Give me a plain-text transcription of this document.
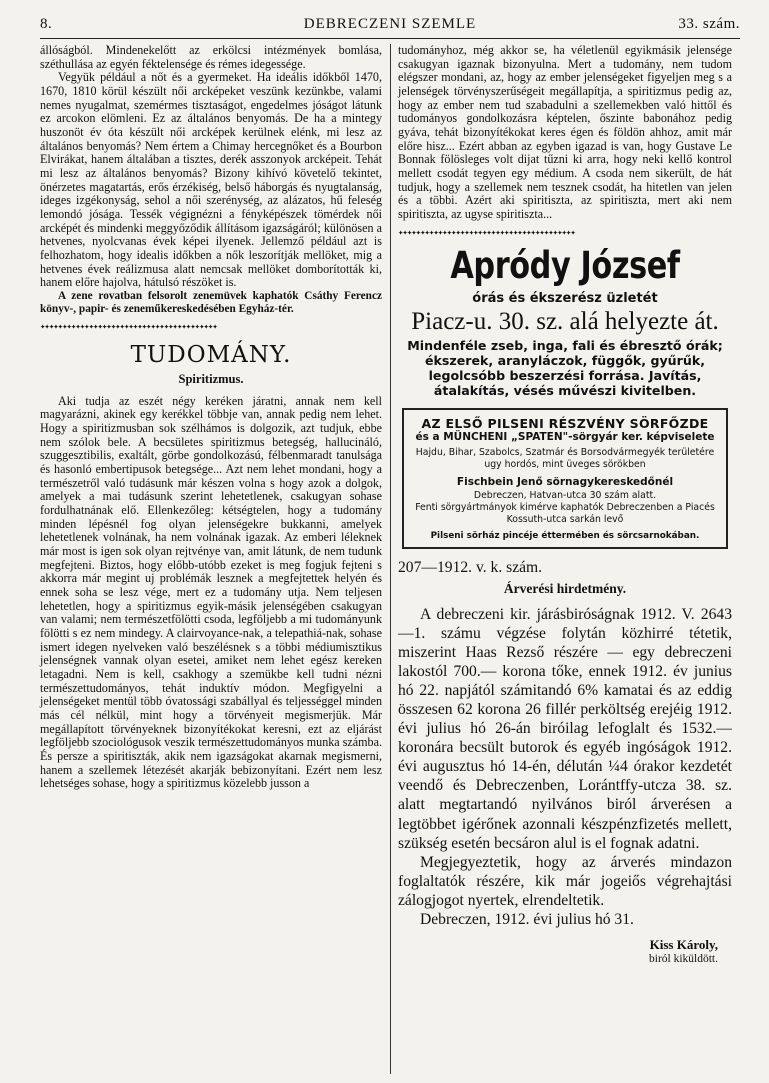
8.	DEBRECZENI SZEMLE	33. szám.

állóságból. Mindenekelőtt az erkölcsi intézmények bomlása, széthullása az egyén féktelensége és rémes idegessége.

Vegyük például a nőt és a gyermeket. Ha ideális időkből 1470, 1670, 1810 körül készült női arcképeket veszünk kezünkbe, valami nemes nyugalmat, szemérmes tisztaságot, engedelmes jóságot látunk ez arcokon elömleni. Ez az általános benyomás. De ha a mintegy huszonöt év óta készült női arcképek kerülnek elénk, mi lesz az általános benyomás? Nem értem a Chimay hercegnőket és a Bourbon Elvirákat, hanem általában a tisztes, derék asszonyok arcképeit. Tehát mi lesz az általános benyomás? Bizony kihívó követelő tekintet, önérzetes magatartás, erős érzékiség, belső háborgás és nyugtalanság, ideges izgékonyság, sehol a női szerénység, az alázatos, hű feleség lemondó jósága. Tessék végignézni a fényképészek tömérdek női arcképét és mindenki meggyőződik állításom igazságáról; különösen a hetvenes, nyolcvanas évek képei ilyenek. Jellemző például azt is felhozhatom, hogy idealis időkben a nők leszorítják mellöket, mig a hetvenes évek reálizmusa alatt nemcsak mellöket domborították ki, hanem előre hajolva, hátulsó részöket is.

A zene rovatban felsorolt zenemüvek kaphatók Csáthy Ferencz könyv-, papir- és zeneműkereskedésében Egyház-tér.

✦✦✦✦✦✦✦✦✦✦✦✦✦✦✦✦✦✦✦✦✦✦✦✦✦✦✦✦✦✦✦✦✦✦✦✦✦✦✦✦
TUDOMÁNY.
Spiritizmus.

Aki tudja az eszét négy keréken járatni, annak nem kell magyarázni, akinek egy kerékkel többje van, annak pedig nem lehet. Hogy a spiritizmusban sok szélhámos is dolgozik, azt tudjuk, ebbe nem szólok bele. A becsületes spiritizmus betegség, hallucináló, szuggesztibilis, exaltált, görbe gondolkozású, félbenmaradt tanulsága és hasonló embertipusok betegsége... Azt nem lehet mondani, hogy a természetről való tudásunk már készen volna s hogy azok a dolgok, amelyek a mai tudásunk szerint lehetetlenek, csakugyan sohase fordulhatnának elő. Ellenkezőleg: kétségtelen, hogy a tudomány minden lépésnél fog olyan jelenségekre bukkanni, amelyek lehetetlenek volnának, ha nem volnának igazak. Az emberi léleknek már most is igen sok olyan rejtvénye van, amit látunk, de nem tudunk megfejteni. Biztos, hogy előbb-utóbb ezeket is meg fogjuk fejteni s akkorra már megint uj problémák lesznek a megfejtettek helyén és ennek soha se lesz vége, mert ez a tudomány utja. Nem teljesen lehetetlen, hogy a spiritizmus egyik-másik jelenségében csakugyan van valami; nem természetfölötti csoda, legföljebb a mi tudományunk fölötti s ez nem mindegy. A clairvoyance-nak, a telepathiá-nak, sohase ismert idegen nyelveken való beszélésnek s a többi médiumisztikus jelenségnek vannak olyan esetei, amiket nem lehet egész kereken letagadni. Nem is kell, csakhogy a szemükbe kell tudni nézni természettudományos, tehát induktív módon. Megfigyelni a jelenségeket mentül több óvatossági szabállyal és teljességgel minden más cél nélkül, mint hogy a törvényeit megismerjük. Már megállapított törvényeknek bizonyítékokat keresni, ezt az eljárást legföljebb szociológusok veszik természettudományos munka számba. És persze a spiritiszták, akik nem igazságokat akarnak megismerni, hanem a szellemek létezését akarják bebizonyítani. Ezért nem lesz lehetséges sohase, hogy a spiritizmus közelebb jusson a

tudományhoz, még akkor se, ha véletlenül egyikmásik jelensége csakugyan igaznak bizonyulna. Mert a tudomány, nem tudom elégszer mondani, az, hogy az ember jelenségeket figyeljen meg s a jelenségek törvényszerűségeit megállapítja, a spiritizmus pedig az, hogy az ember nem tud szabadulni a szellemekben való hittől és tudományos gondolkozásra képtelen, őszinte babonához pedig gyáva, tehát bizonyítékokat keres égen és földön ahhoz, amit már előre hisz... Ezért abban az egyben igazad is van, hogy Gustave Le Bonnak fölösleges volt dijat tűzni ki arra, hogy neki kellő kontrol mellett csodát tegyen egy médium. A csoda nem sikerült, de hát tudjuk, hogy a szellemek nem tesznek csodát, ha hitetlen van jelen és a többi. Azért aki spiritiszta, az spiritiszta, mert aki nem spiritiszta, az ugyse spiritiszta...

✦✦✦✦✦✦✦✦✦✦✦✦✦✦✦✦✦✦✦✦✦✦✦✦✦✦✦✦✦✦✦✦✦✦✦✦✦✦✦✦
Apródy József
órás és ékszerész üzletét
Piacz-u. 30. sz. alá helyezte át.
Mindenféle zseb, inga, fali és ébresztő órák; ékszerek, aranyláczok, függők, gyűrűk, legolcsóbb beszerzési forrása. Javítás, átalakítás, vésés művészi kivitelben.
AZ ELSŐ PILSENI RÉSZVÉNY SÖRFŐZDE
és a MÜNCHENI „SPATEN"-sörgyár ker. képviselete
Hajdu, Bihar, Szabolcs, Szatmár és Borsodvármegyék területére ugy hordós, mint üveges sörökben
Fischbein Jenő sörnagykereskedőnél
Debreczen, Hatvan-utca 30 szám alatt.
Fenti sörgyártmányok kimérve kaphatók Debreczenben a Piacés Kossuth-utca sarkán levő
Pilseni sörház pincéje éttermében és sörcsarnokában.
207—1912. v. k. szám.
Árverési hirdetmény.

A debreczeni kir. járásbiróságnak 1912. V. 2643—1. számu végzése folytán közhirré tétetik, miszerint Haas Rezső részére — egy debreczeni lakostól 700.— korona tőke, ennek 1912. év junius hó 22. napjától számitandó 6% kamatai és az eddig összesen 62 korona 26 fillér perköltség erejéig 1912. évi julius hó 26-án biróilag lefoglalt és 1532.— koronára becsült butorok és egyéb ingóságok 1912. évi augusztus hó 14-én, délután ¼4 órakor kezdetét veendő és Debreczenben, Lorántffy-utcza 38. sz. alatt megtartandó nyilvános biról árverésen a legtöbbet igérőnek azonnali készpénzfizetés mellett, szükség esetén becsáron alul is el fognak adatni.

Megjegyeztetik, hogy az árverés mindazon foglaltatók részére, kik már jogeiős végrehajtási zálogjogot nyertek, elrendeltetik.

Debreczen, 1912. évi julius hó 31.

Kiss Károly,
biról kiküldött.
